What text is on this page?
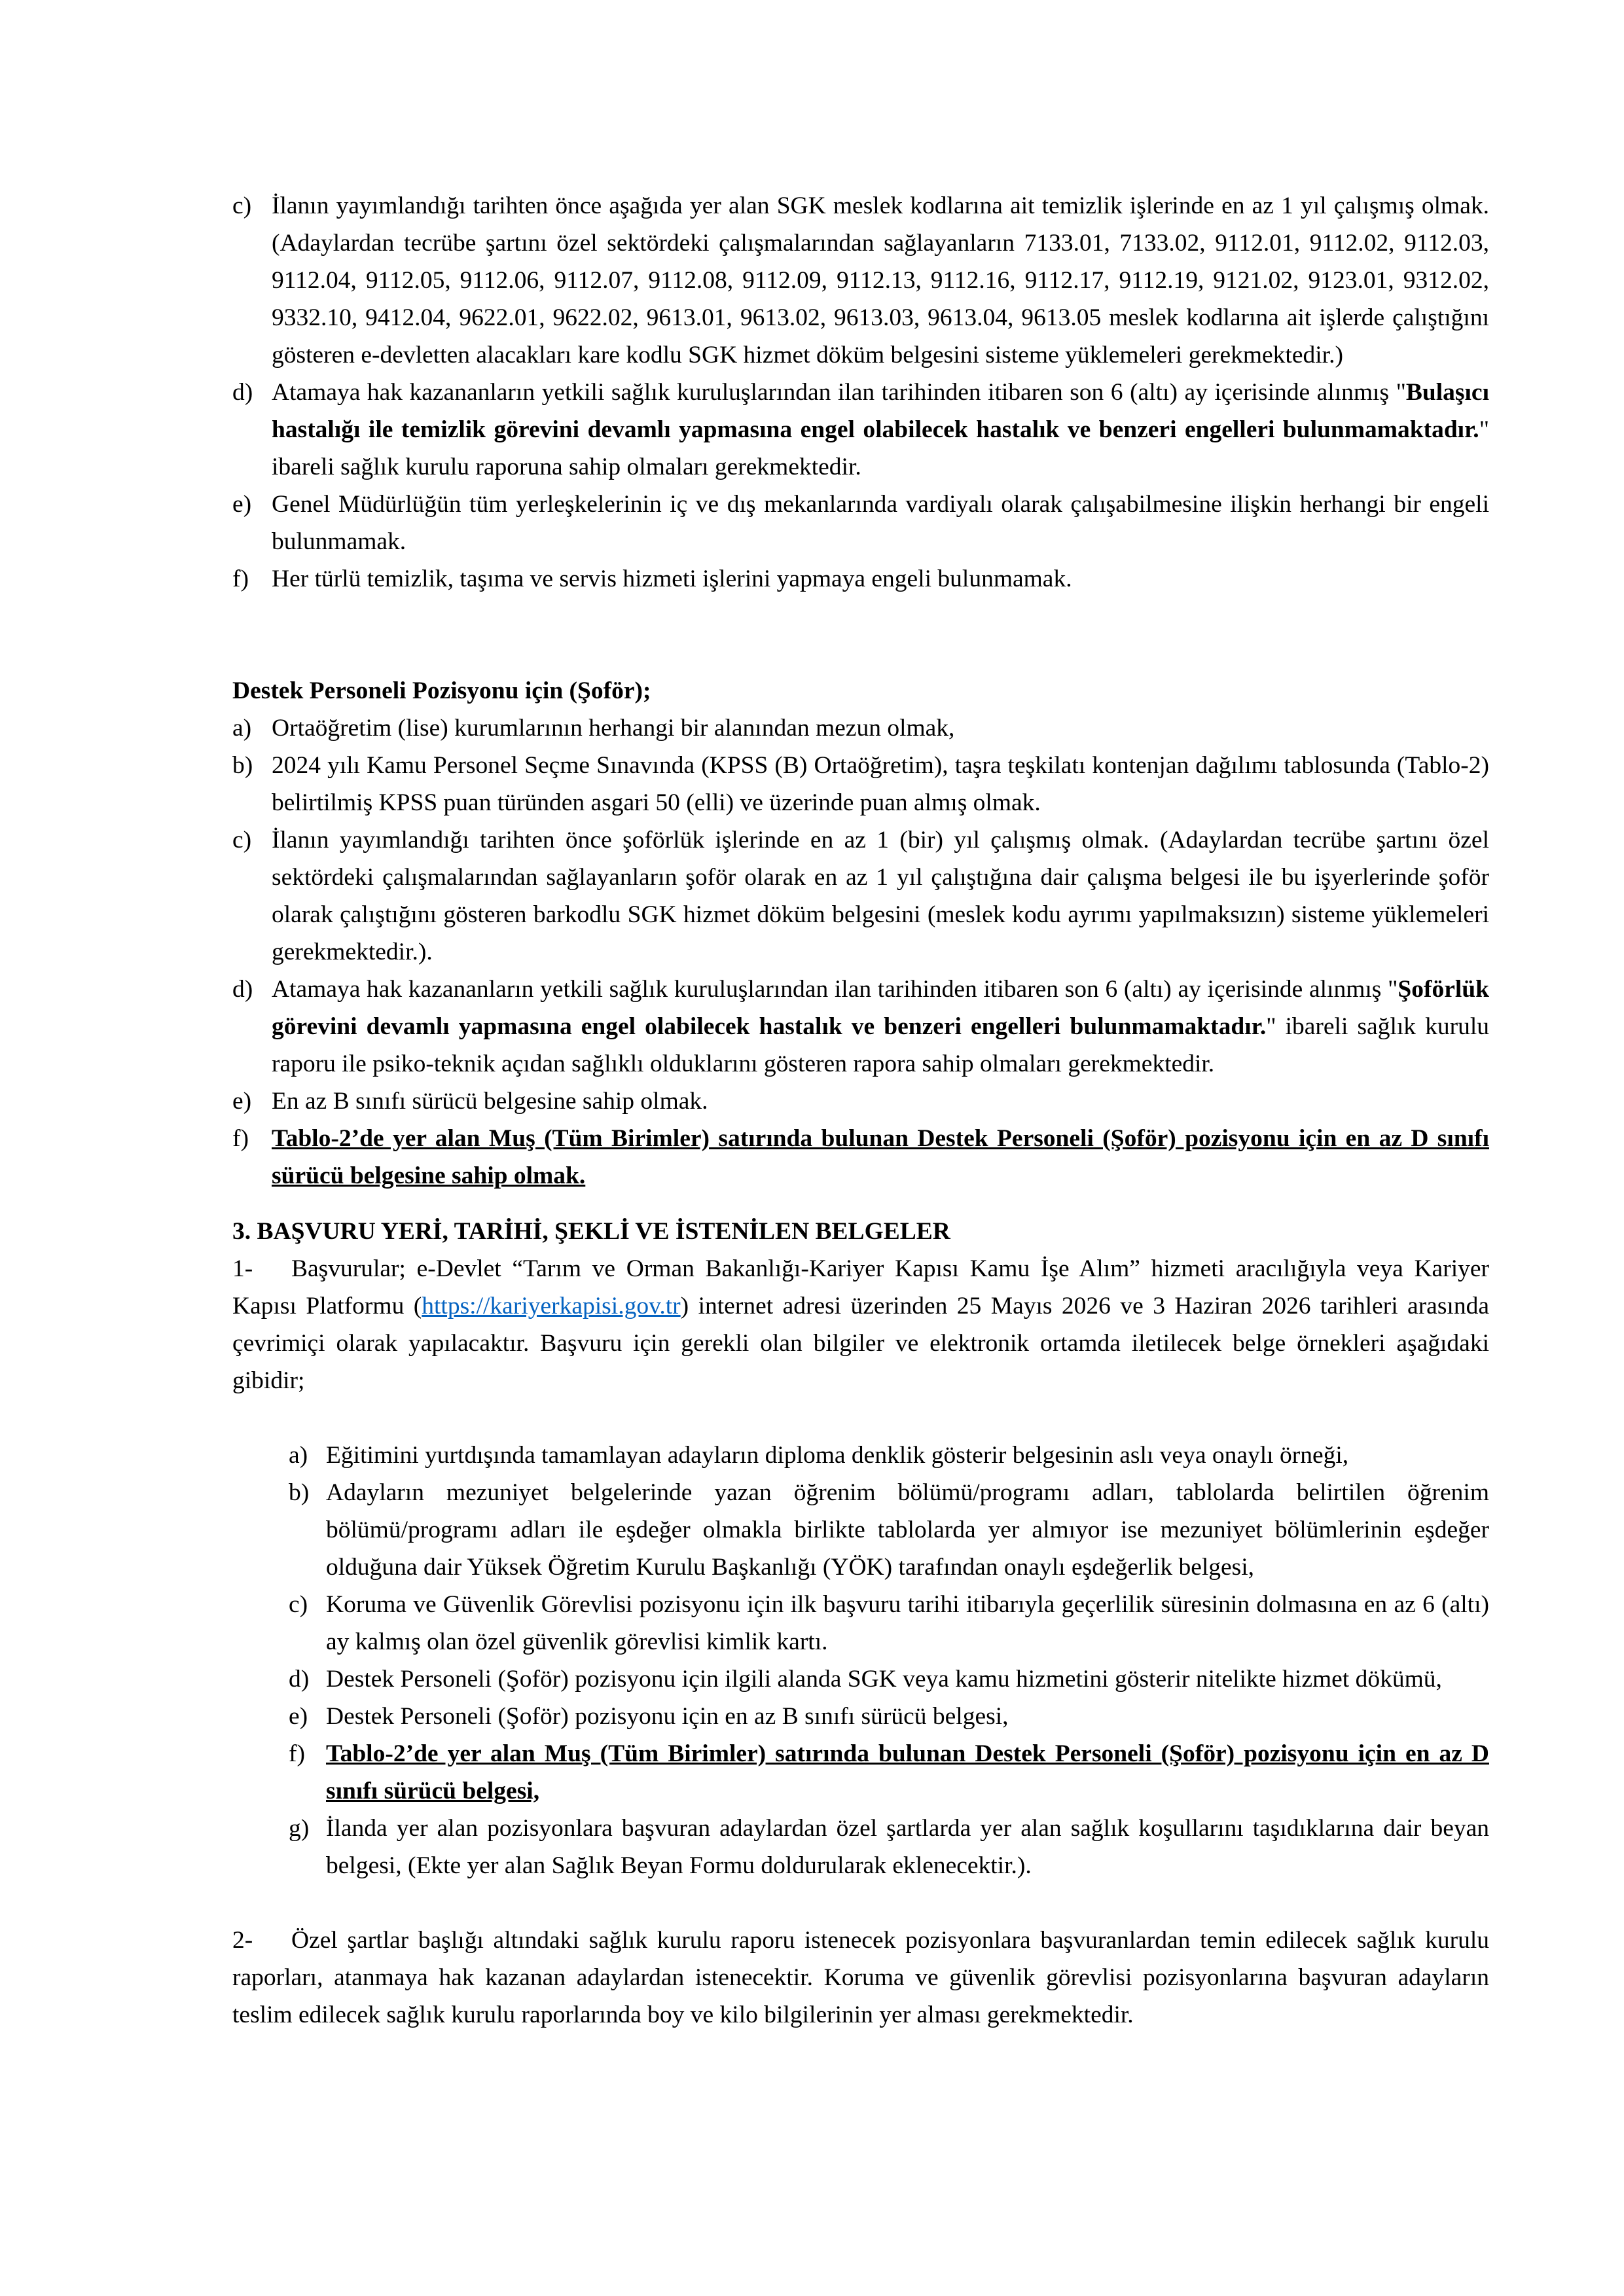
c) İlanın yayımlandığı tarihten önce aşağıda yer alan SGK meslek kodlarına ait temizlik işlerinde en az 1 yıl çalışmış olmak. (Adaylardan tecrübe şartını özel sektördeki çalışmalarından sağlayanların 7133.01, 7133.02, 9112.01, 9112.02, 9112.03, 9112.04, 9112.05, 9112.06, 9112.07, 9112.08, 9112.09, 9112.13, 9112.16, 9112.17, 9112.19, 9121.02, 9123.01, 9312.02, 9332.10, 9412.04, 9622.01, 9622.02, 9613.01, 9613.02, 9613.03, 9613.04, 9613.05 meslek kodlarına ait işlerde çalıştığını gösteren e-devletten alacakları kare kodlu SGK hizmet döküm belgesini sisteme yüklemeleri gerekmektedir.)
d) Atamaya hak kazananların yetkili sağlık kuruluşlarından ilan tarihinden itibaren son 6 (altı) ay içerisinde alınmış "Bulaşıcı hastalığı ile temizlik görevini devamlı yapmasına engel olabilecek hastalık ve benzeri engelleri bulunmamaktadır." ibareli sağlık kurulu raporuna sahip olmaları gerekmektedir.
e) Genel Müdürlüğün tüm yerleşkelerinin iç ve dış mekanlarında vardiyalı olarak çalışabilmesine ilişkin herhangi bir engeli bulunmamak.
f) Her türlü temizlik, taşıma ve servis hizmeti işlerini yapmaya engeli bulunmamak.
Destek Personeli Pozisyonu için (Şoför);
a) Ortaöğretim (lise) kurumlarının herhangi bir alanından mezun olmak,
b) 2024 yılı Kamu Personel Seçme Sınavında (KPSS (B) Ortaöğretim), taşra teşkilatı kontenjan dağılımı tablosunda (Tablo-2) belirtilmiş KPSS puan türünden asgari 50 (elli) ve üzerinde puan almış olmak.
c) İlanın yayımlandığı tarihten önce şoförlük işlerinde en az 1 (bir) yıl çalışmış olmak. (Adaylardan tecrübe şartını özel sektördeki çalışmalarından sağlayanların şoför olarak en az 1 yıl çalıştığına dair çalışma belgesi ile bu işyerlerinde şoför olarak çalıştığını gösteren barkodlu SGK hizmet döküm belgesini (meslek kodu ayrımı yapılmaksızın) sisteme yüklemeleri gerekmektedir.).
d) Atamaya hak kazananların yetkili sağlık kuruluşlarından ilan tarihinden itibaren son 6 (altı) ay içerisinde alınmış "Şoförlük görevini devamlı yapmasına engel olabilecek hastalık ve benzeri engelleri bulunmamaktadır." ibareli sağlık kurulu raporu ile psiko-teknik açıdan sağlıklı olduklarını gösteren rapora sahip olmaları gerekmektedir.
e) En az B sınıfı sürücü belgesine sahip olmak.
f) Tablo-2’de yer alan Muş (Tüm Birimler) satırında bulunan Destek Personeli (Şoför) pozisyonu için en az D sınıfı sürücü belgesine sahip olmak.
3. BAŞVURU YERİ, TARİHİ, ŞEKLİ VE İSTENİLEN BELGELER
1- Başvurular; e-Devlet “Tarım ve Orman Bakanlığı-Kariyer Kapısı Kamu İşe Alım” hizmeti aracılığıyla veya Kariyer Kapısı Platformu (https://kariyerkapisi.gov.tr) internet adresi üzerinden 25 Mayıs 2026 ve 3 Haziran 2026 tarihleri arasında çevrimiçi olarak yapılacaktır. Başvuru için gerekli olan bilgiler ve elektronik ortamda iletilecek belge örnekleri aşağıdaki gibidir;
a) Eğitimini yurtdışında tamamlayan adayların diploma denklik gösterir belgesinin aslı veya onaylı örneği,
b) Adayların mezuniyet belgelerinde yazan öğrenim bölümü/programı adları, tablolarda belirtilen öğrenim bölümü/programı adları ile eşdeğer olmakla birlikte tablolarda yer almıyor ise mezuniyet bölümlerinin eşdeğer olduğuna dair Yüksek Öğretim Kurulu Başkanlığı (YÖK) tarafından onaylı eşdeğerlik belgesi,
c) Koruma ve Güvenlik Görevlisi pozisyonu için ilk başvuru tarihi itibarıyla geçerlilik süresinin dolmasına en az 6 (altı) ay kalmış olan özel güvenlik görevlisi kimlik kartı.
d) Destek Personeli (Şoför) pozisyonu için ilgili alanda SGK veya kamu hizmetini gösterir nitelikte hizmet dökümü,
e) Destek Personeli (Şoför) pozisyonu için en az B sınıfı sürücü belgesi,
f) Tablo-2’de yer alan Muş (Tüm Birimler) satırında bulunan Destek Personeli (Şoför) pozisyonu için en az D sınıfı sürücü belgesi,
g) İlanda yer alan pozisyonlara başvuran adaylardan özel şartlarda yer alan sağlık koşullarını taşıdıklarına dair beyan belgesi, (Ekte yer alan Sağlık Beyan Formu doldurularak eklenecektir.).
2- Özel şartlar başlığı altındaki sağlık kurulu raporu istenecek pozisyonlara başvuranlardan temin edilecek sağlık kurulu raporları, atanmaya hak kazanan adaylardan istenecektir. Koruma ve güvenlik görevlisi pozisyonlarına başvuran adayların teslim edilecek sağlık kurulu raporlarında boy ve kilo bilgilerinin yer alması gerekmektedir.
